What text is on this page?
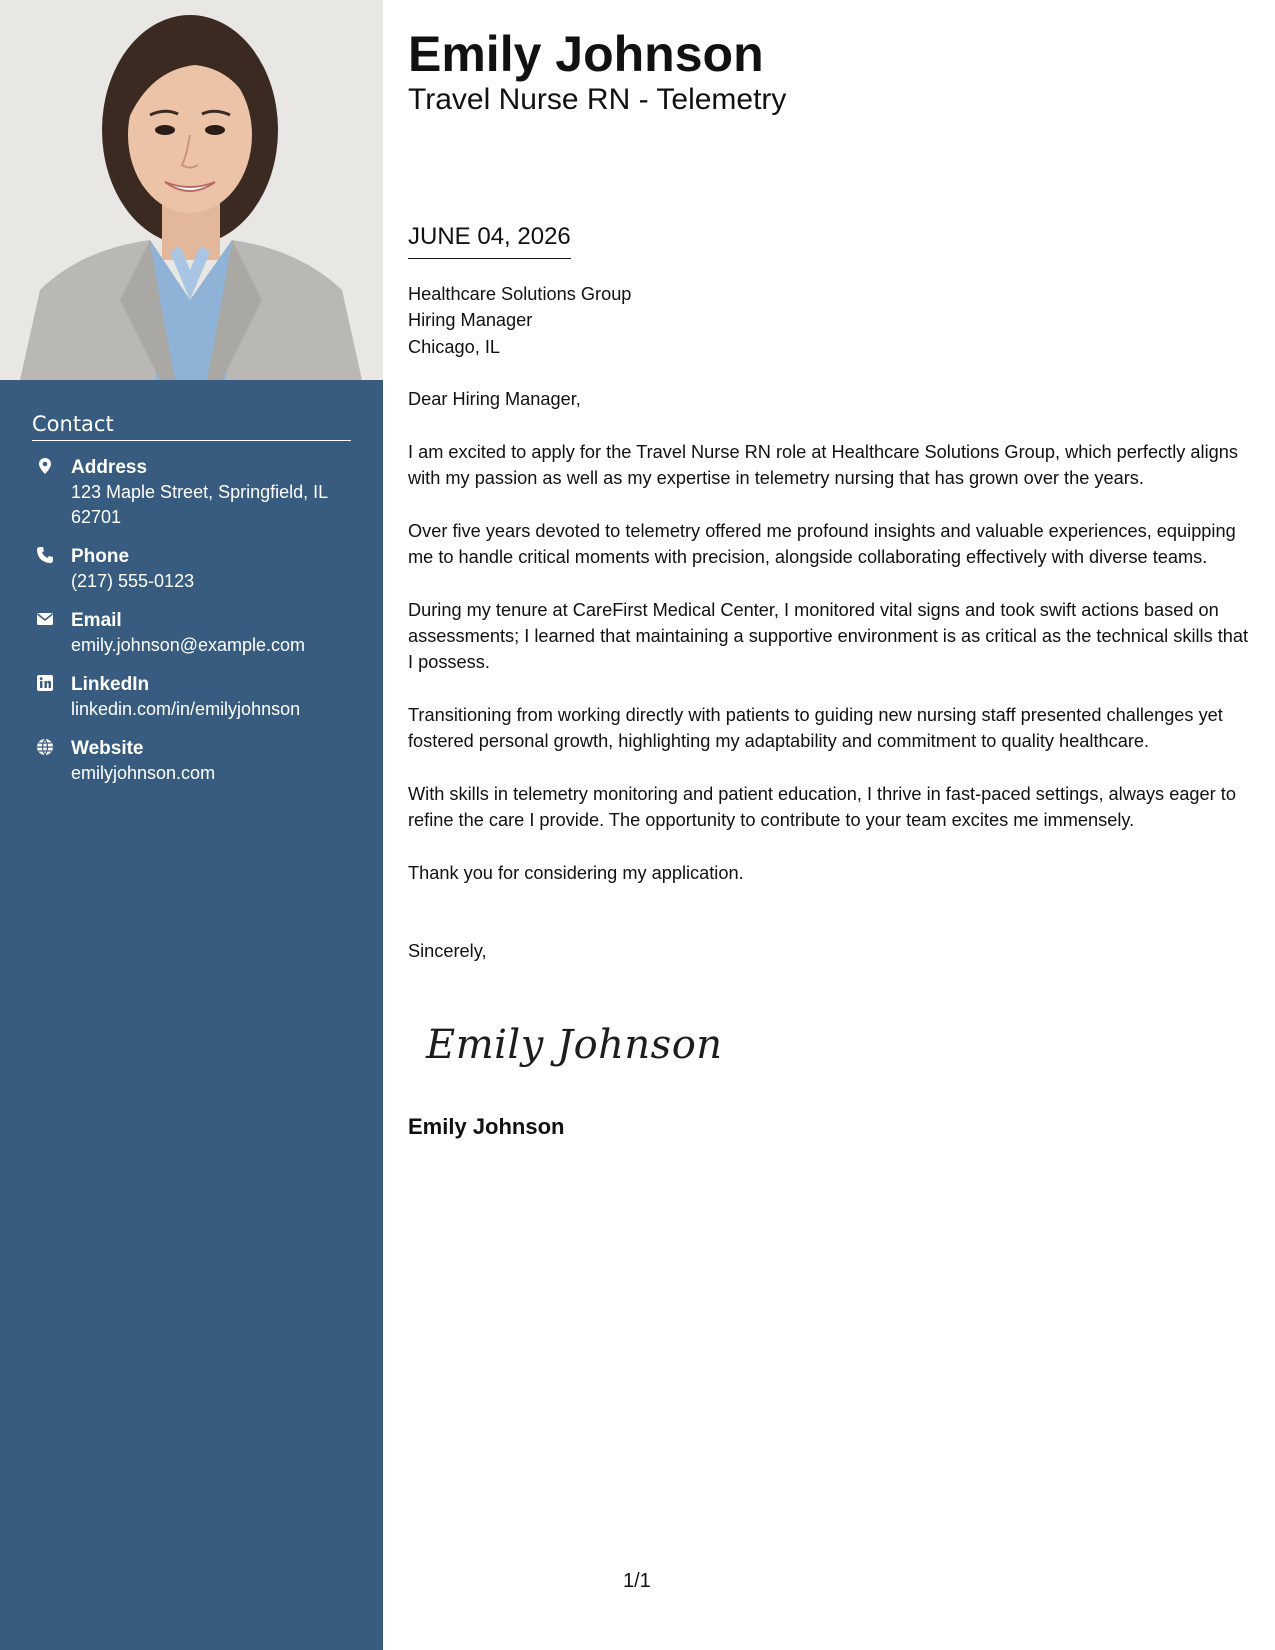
Contact
Address
123 Maple Street, Springfield, IL 62701
Phone
(217) 555-0123
Email
emily.johnson@example.com
LinkedIn
linkedin.com/in/emilyjohnson
Website
emilyjohnson.com
Emily Johnson
Travel Nurse RN - Telemetry
JUNE 04, 2026

Healthcare Solutions Group

Hiring Manager

Chicago, IL

Dear Hiring Manager,

I am excited to apply for the Travel Nurse RN role at Healthcare Solutions Group, which perfectly aligns with my passion as well as my expertise in telemetry nursing that has grown over the years.

Over five years devoted to telemetry offered me profound insights and valuable experiences, equipping me to handle critical moments with precision, alongside collaborating effectively with diverse teams.

During my tenure at CareFirst Medical Center, I monitored vital signs and took swift actions based on assessments; I learned that maintaining a supportive environment is as critical as the technical skills that I possess.

Transitioning from working directly with patients to guiding new nursing staff presented challenges yet fostered personal growth, highlighting my adaptability and commitment to quality healthcare.

With skills in telemetry monitoring and patient education, I thrive in fast-paced settings, always eager to refine the care I provide. The opportunity to contribute to your team excites me immensely.

Thank you for considering my application.

Sincerely,

Emily Johnson
Emily Johnson
1/1
